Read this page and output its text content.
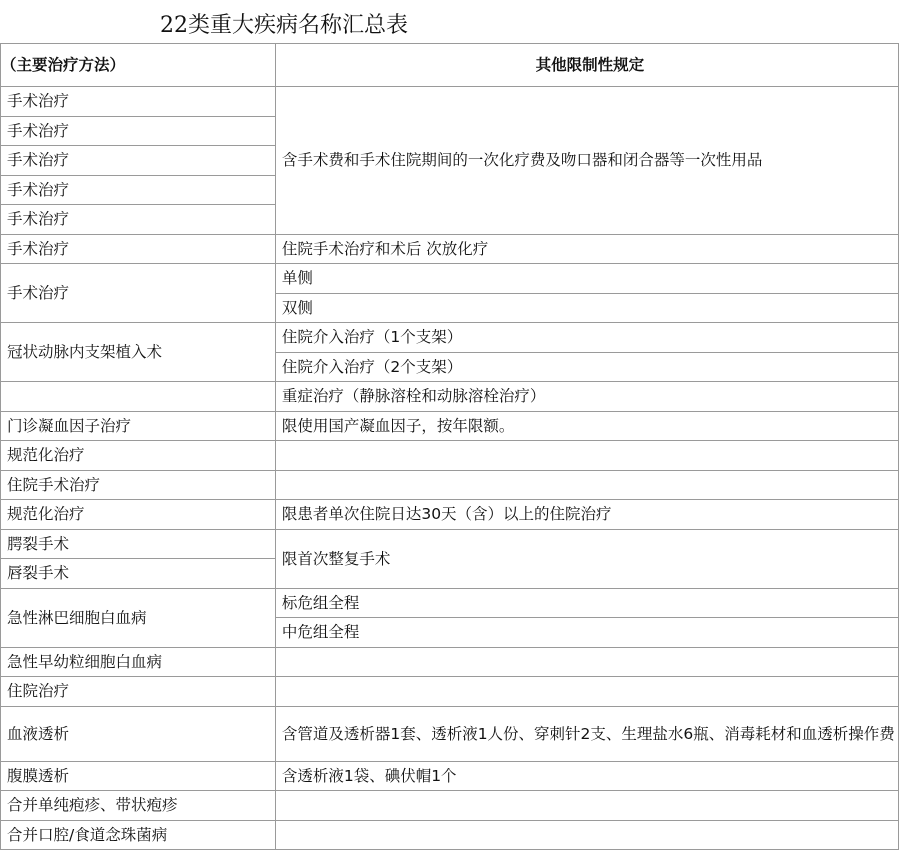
22类重大疾病名称汇总表
（主要治疗方法）	其他限制性规定
手术治疗	含手术费和手术住院期间的一次化疗费及吻口器和闭合器等一次性用品
手术治疗	
手术治疗	
手术治疗	
手术治疗	
手术治疗	住院手术治疗和术后 次放化疗
手术治疗	单侧
	双侧
冠状动脉内支架植入术	住院介入治疗（1个支架）
	住院介入治疗（2个支架）
	重症治疗（静脉溶栓和动脉溶栓治疗）
门诊凝血因子治疗	限使用国产凝血因子，按年限额。
规范化治疗	
住院手术治疗	
规范化治疗	限患者单次住院日达30天（含）以上的住院治疗
腭裂手术	限首次整复手术
唇裂手术	
急性淋巴细胞白血病	标危组全程
	中危组全程
急性早幼粒细胞白血病	
住院治疗	
血液透析	含管道及透析器1套、透析液1人份、穿刺针2支、生理盐水6瓶、消毒耗材和血透析操作费
腹膜透析	含透析液1袋、碘伏帽1个
合并单纯疱疹、带状疱疹	
合并口腔/食道念珠菌病	
